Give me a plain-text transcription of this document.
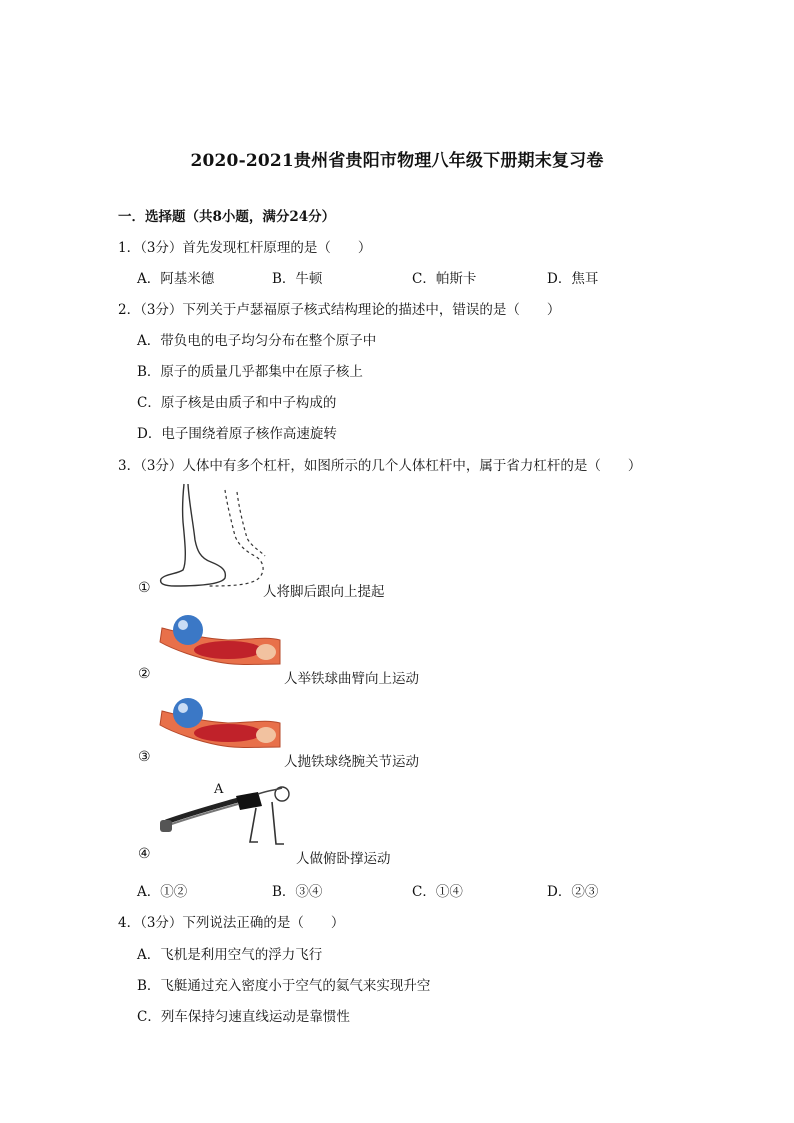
2020-2021贵州省贵阳市物理八年级下册期末复习卷
一．选择题（共8小题，满分24分）
1．（3分）首先发现杠杆原理的是（　　）
A．阿基米德	B．牛顿	C．帕斯卡	D．焦耳
2．（3分）下列关于卢瑟福原子核式结构理论的描述中，错误的是（　　）
A．带负电的电子均匀分布在整个原子中
B．原子的质量几乎都集中在原子核上
C．原子核是由质子和中子构成的
D．电子围绕着原子核作高速旋转
3．（3分）人体中有多个杠杆，如图所示的几个人体杠杆中，属于省力杠杆的是（　　）
①	人将脚后跟向上提起
②	人举铁球曲臂向上运动
③	人抛铁球绕腕关节运动
④
A
人做俯卧撑运动
A．①②	B．③④	C．①④	D．②③
4．（3分）下列说法正确的是（　　）
A．飞机是利用空气的浮力飞行
B．飞艇通过充入密度小于空气的氦气来实现升空
C．列车保持匀速直线运动是靠惯性
